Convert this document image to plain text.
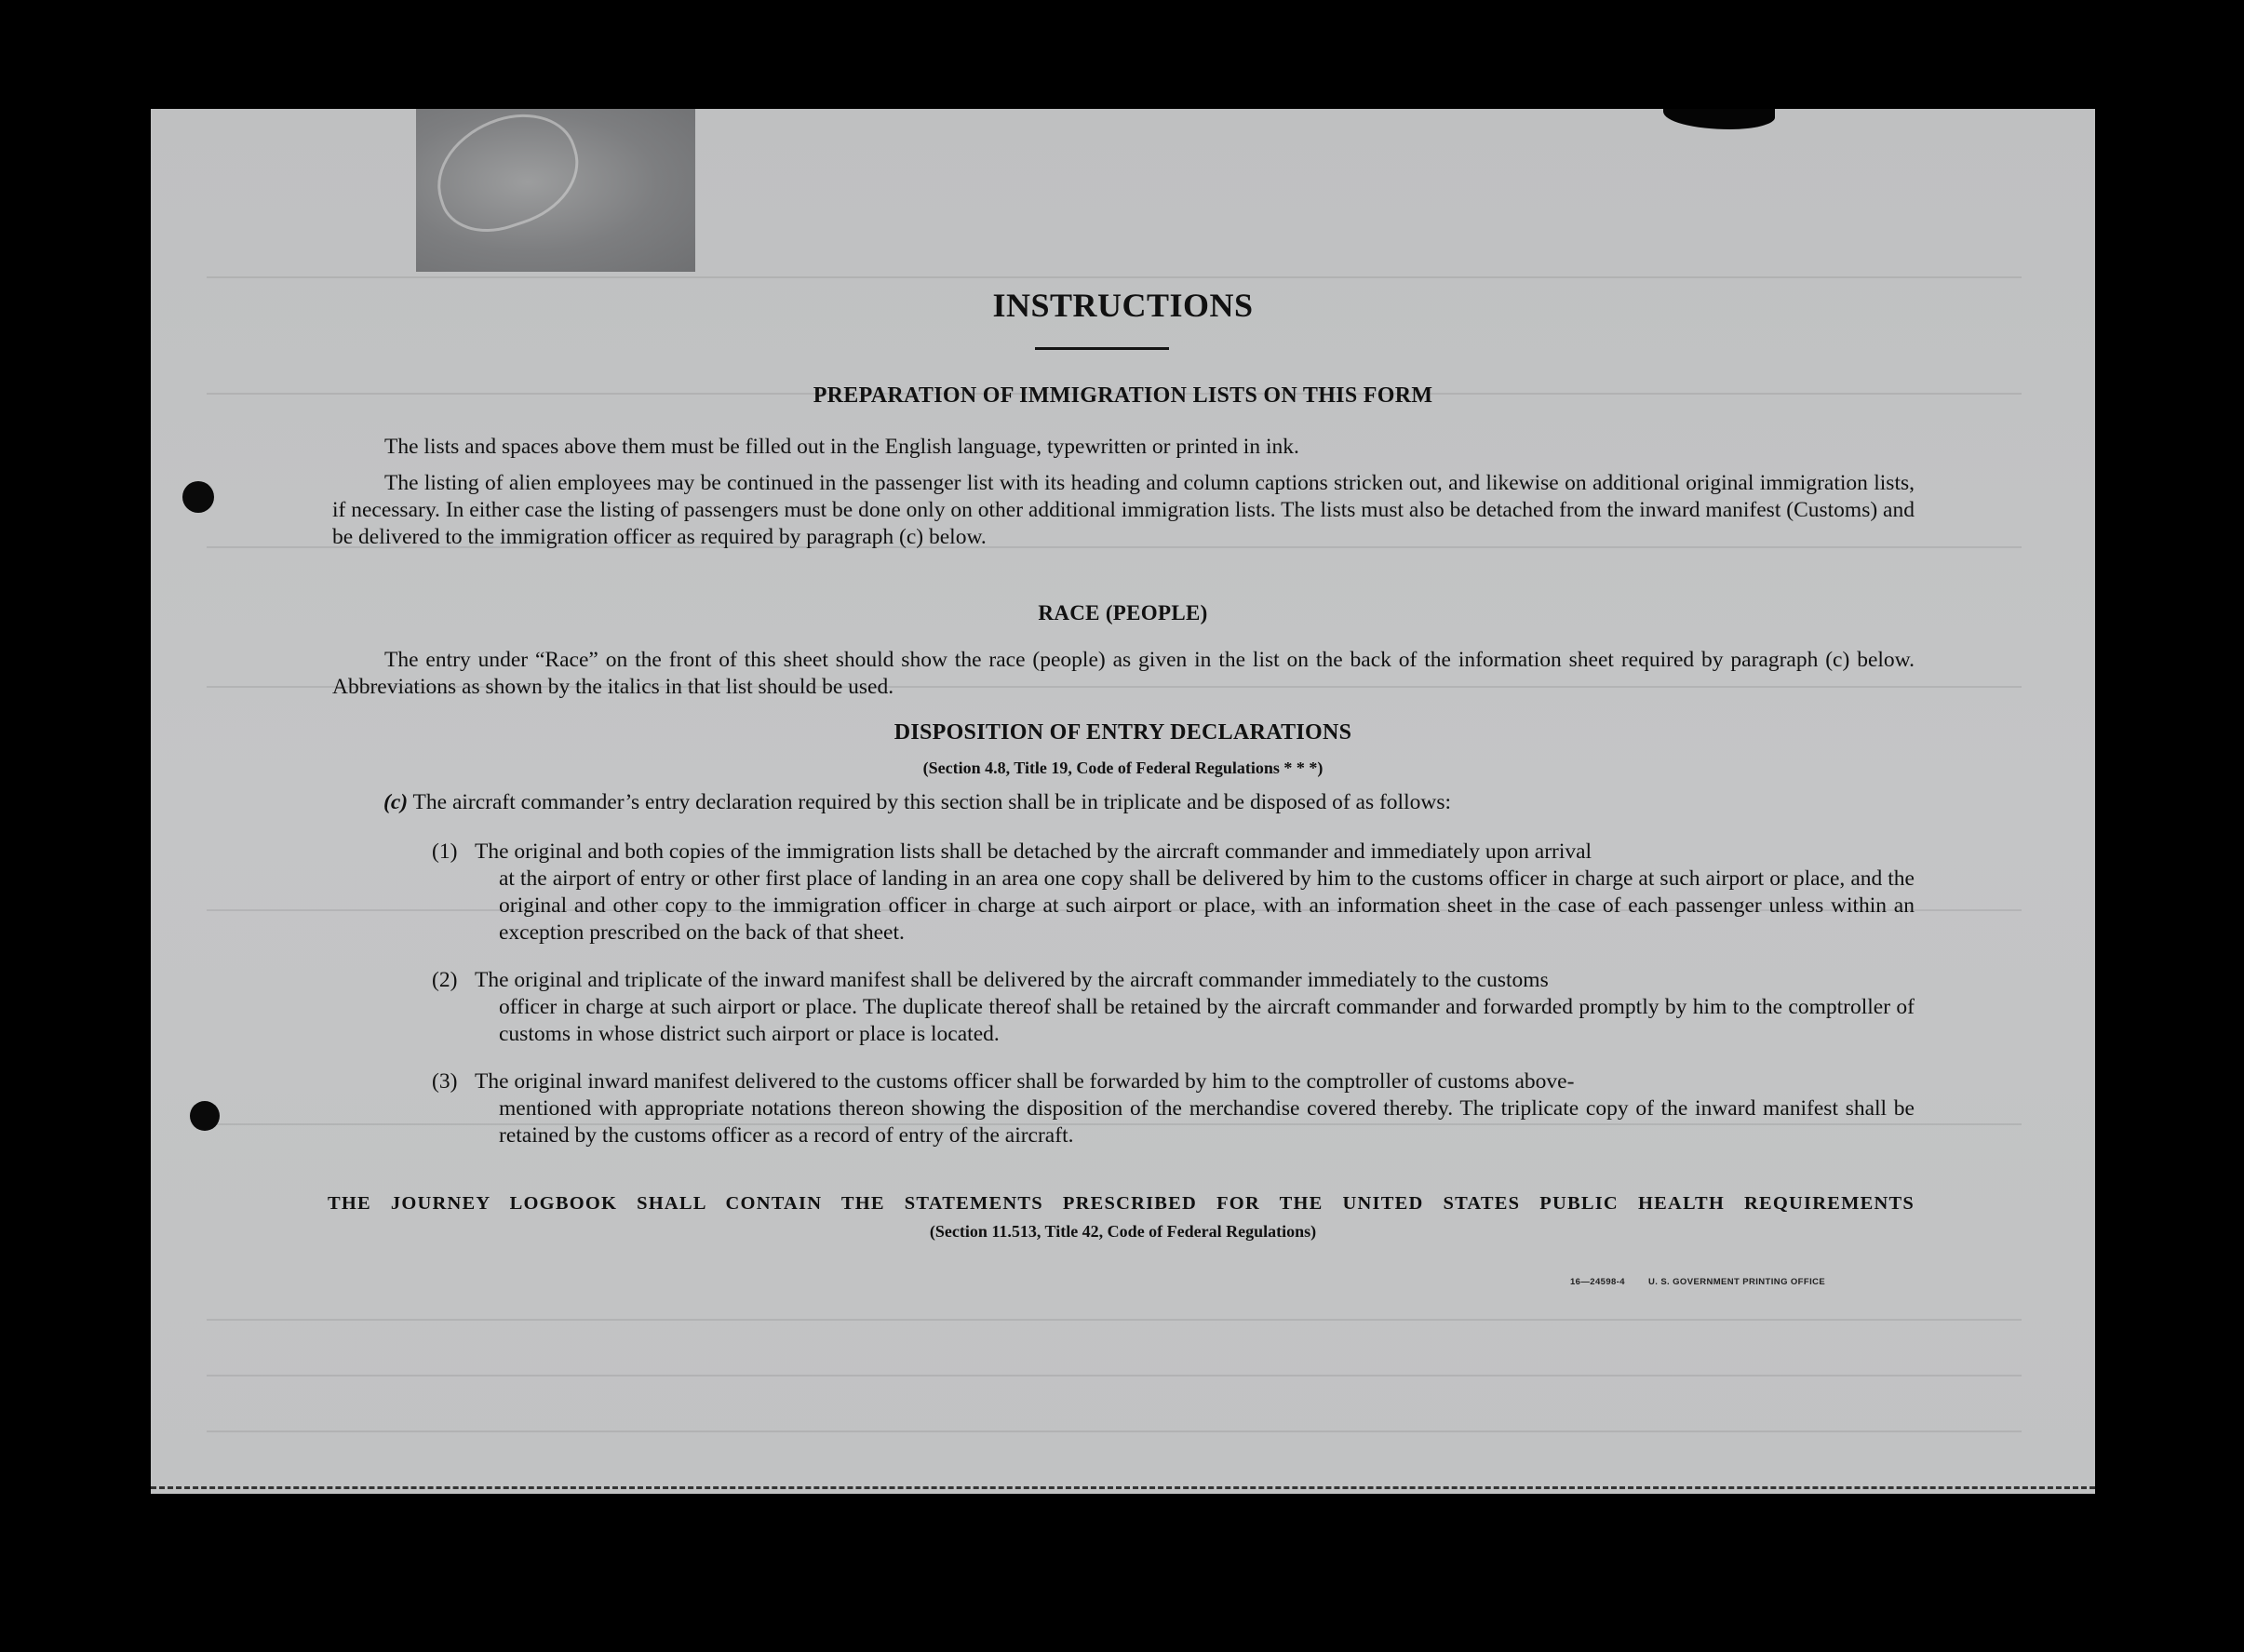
INSTRUCTIONS
PREPARATION OF IMMIGRATION LISTS ON THIS FORM
The lists and spaces above them must be filled out in the English language, typewritten or printed in ink.
The listing of alien employees may be continued in the passenger list with its heading and column captions stricken out, and likewise on additional original immigration lists, if necessary. In either case the listing of passengers must be done only on other additional immigration lists. The lists must also be detached from the inward manifest (Customs) and be delivered to the immigration officer as required by paragraph (c) below.
RACE (PEOPLE)
The entry under “Race” on the front of this sheet should show the race (people) as given in the list on the back of the information sheet required by paragraph (c) below. Abbreviations as shown by the italics in that list should be used.
DISPOSITION OF ENTRY DECLARATIONS
(Section 4.8, Title 19, Code of Federal Regulations * * *)
(c) The aircraft commander’s entry declaration required by this section shall be in triplicate and be disposed of as follows:
(1) The original and both copies of the immigration lists shall be detached by the aircraft commander and immediately upon arrival

at the airport of entry or other first place of landing in an area one copy shall be delivered by him to the customs officer in charge at such airport or place, and the original and other copy to the immigration officer in charge at such airport or place, with an information sheet in the case of each passenger unless within an exception prescribed on the back of that sheet.
(2) The original and triplicate of the inward manifest shall be delivered by the aircraft commander immediately to the customs

officer in charge at such airport or place. The duplicate thereof shall be retained by the aircraft commander and forwarded promptly by him to the comptroller of customs in whose district such airport or place is located.
(3) The original inward manifest delivered to the customs officer shall be forwarded by him to the comptroller of customs above-

mentioned with appropriate notations thereon showing the disposition of the merchandise covered thereby. The triplicate copy of the inward manifest shall be retained by the customs officer as a record of entry of the aircraft.
THE JOURNEY LOGBOOK SHALL CONTAIN THE STATEMENTS PRESCRIBED FOR THE UNITED STATES PUBLIC HEALTH REQUIREMENTS
(Section 11.513, Title 42, Code of Federal Regulations)
16—24598-4	U. S. GOVERNMENT PRINTING OFFICE
